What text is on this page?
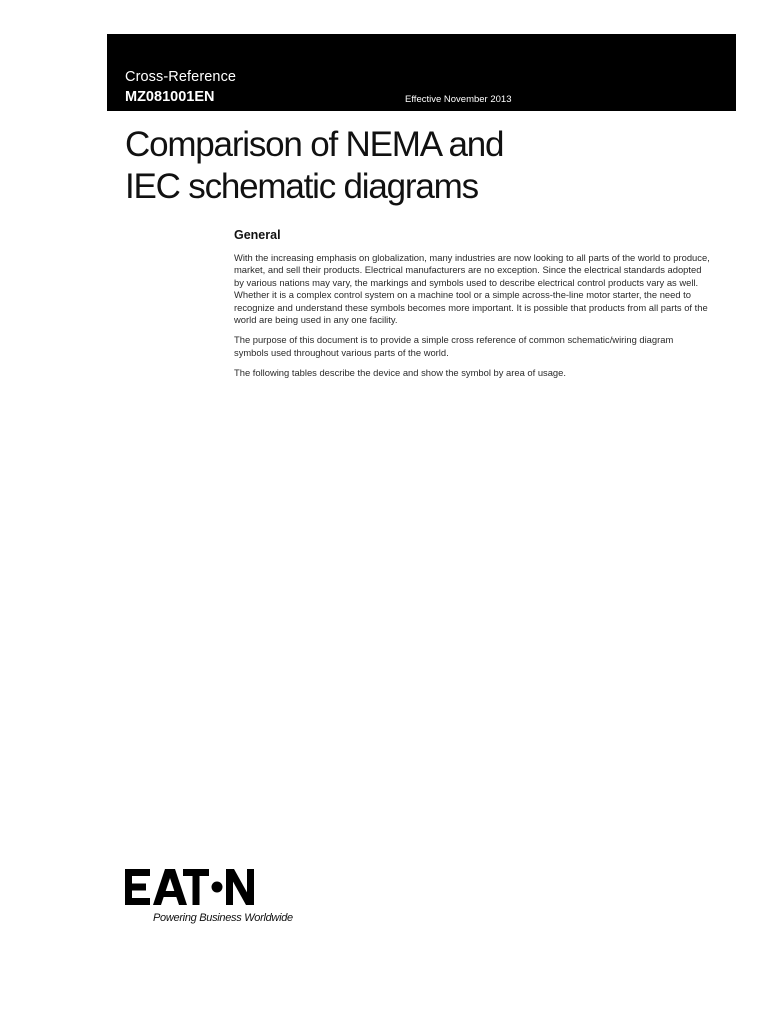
Cross-Reference
MZ081001EN	Effective November 2013
Comparison of NEMA and
IEC schematic diagrams
General

With the increasing emphasis on globalization, many industries are now looking to all parts of the world to produce, market, and sell their products. Electrical manufacturers are no exception. Since the electrical standards adopted by various nations may vary, the markings and symbols used to describe electrical control products vary as well. Whether it is a complex control system on a machine tool or a simple across-the-line motor starter, the need to recognize and understand these symbols becomes more important. It is possible that products from all parts of the world are being used in any one facility.

The purpose of this document is to provide a simple cross reference of common schematic/wiring diagram symbols used throughout various parts of the world.

The following tables describe the device and show the symbol by area of usage.

Powering Business Worldwide
